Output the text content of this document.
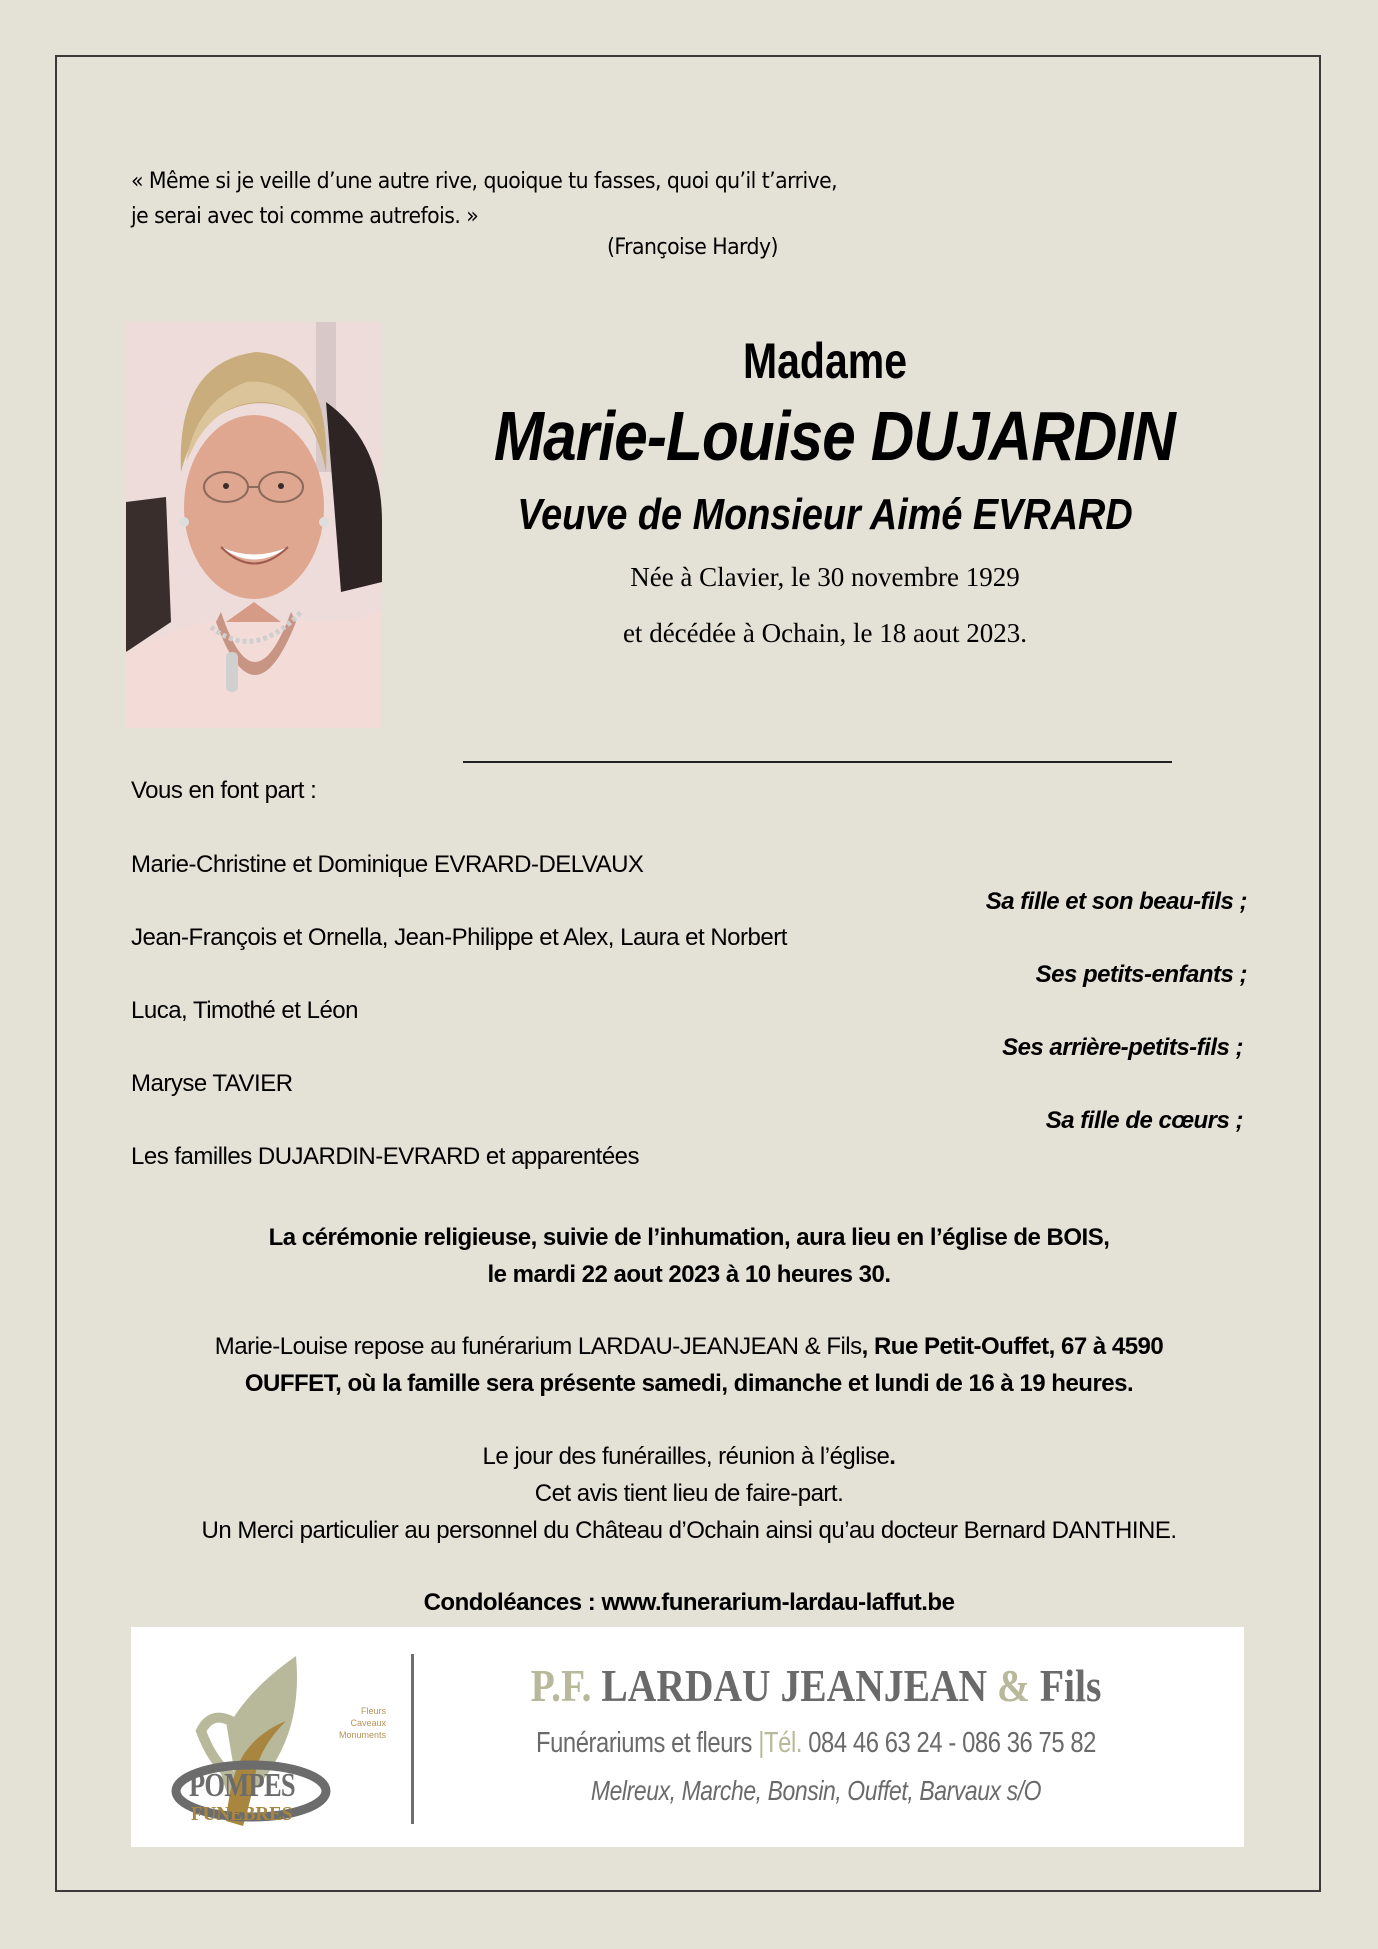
« Même si je veille d’une autre rive, quoique tu fasses, quoi qu’il t’arrive,
je serai avec toi comme autrefois. »
(Françoise Hardy)
Madame
Marie-Louise DUJARDIN
Veuve de Monsieur Aimé EVRARD
Née à Clavier, le 30 novembre 1929
et décédée à Ochain, le 18 aout 2023.
Vous en font part :
Marie-Christine et Dominique EVRARD-DELVAUX
Sa fille et son beau-fils ;
Jean-François et Ornella, Jean-Philippe et Alex, Laura et Norbert
Ses petits-enfants ;
Luca, Timothé et Léon
Ses arrière-petits-fils ;
Maryse TAVIER
Sa fille de cœurs ;
Les familles DUJARDIN-EVRARD et apparentées
La cérémonie religieuse, suivie de l’inhumation, aura lieu en l’église de BOIS,
le mardi 22 aout 2023 à 10 heures 30.
Marie-Louise repose au funérarium LARDAU-JEANJEAN & Fils, Rue Petit-Ouffet, 67 à 4590
OUFFET, où la famille sera présente samedi, dimanche et lundi de 16 à 19 heures.
Le jour des funérailles, réunion à l’église.
Cet avis tient lieu de faire-part.
Un Merci particulier au personnel du Château d’Ochain ainsi qu’au docteur Bernard DANTHINE.
Condoléances : www.funerarium-lardau-laffut.be
Fleurs
Caveaux
Monuments
POMPES
FUNEBRES
P.F. LARDAU JEANJEAN & Fils
Funérariums et fleurs |Tél. 084 46 63 24 - 086 36 75 82
Melreux, Marche, Bonsin, Ouffet, Barvaux s/O
